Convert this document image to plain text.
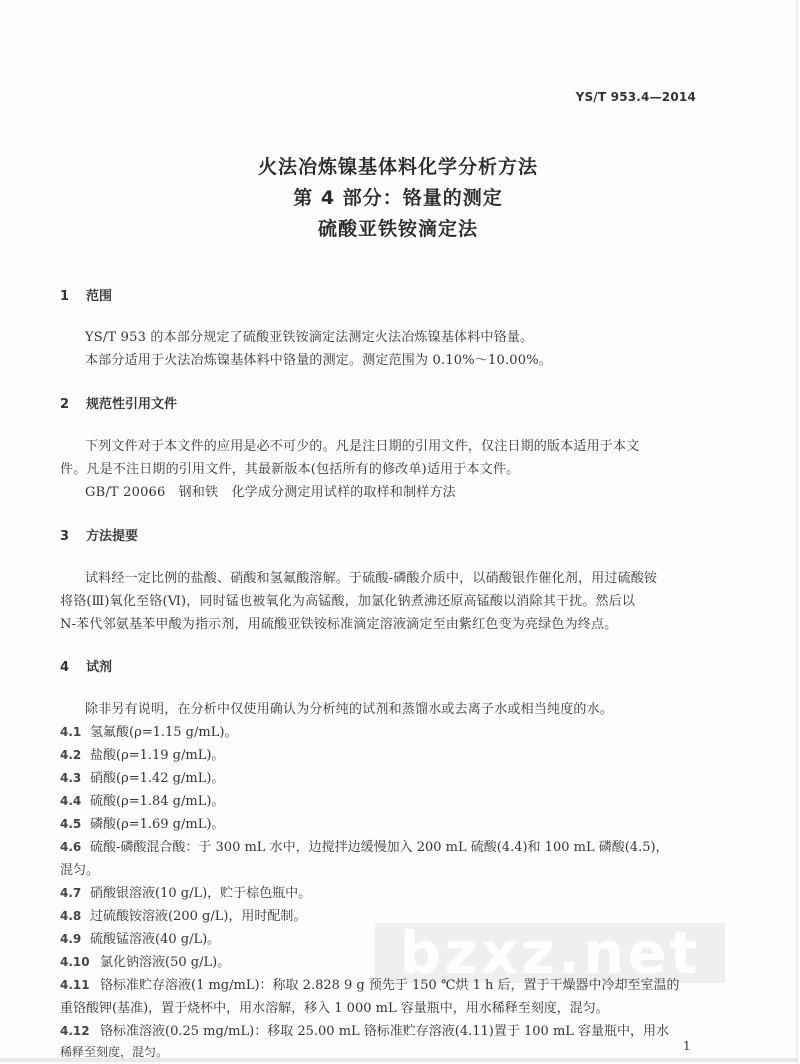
YS/T 953.4—2014
火法冶炼镍基体料化学分析方法
第 4 部分：铬量的测定
硫酸亚铁铵滴定法
1 范围
YS/T 953 的本部分规定了硫酸亚铁铵滴定法测定火法冶炼镍基体料中铬量。
本部分适用于火法冶炼镍基体料中铬量的测定。测定范围为 0.10%～10.00%。
2 规范性引用文件
下列文件对于本文件的应用是必不可少的。凡是注日期的引用文件，仅注日期的版本适用于本文
件。凡是不注日期的引用文件，其最新版本(包括所有的修改单)适用于本文件。
GB/T 20066　钢和铁　化学成分测定用试样的取样和制样方法
3 方法提要
试料经一定比例的盐酸、硝酸和氢氟酸溶解。于硫酸-磷酸介质中，以硝酸银作催化剂，用过硫酸铵
将铬(Ⅲ)氧化至铬(Ⅵ)，同时锰也被氧化为高锰酸，加氯化钠煮沸还原高锰酸以消除其干扰。然后以
N-苯代邻氨基苯甲酸为指示剂，用硫酸亚铁铵标准滴定溶液滴定至由紫红色变为亮绿色为终点。
4 试剂
除非另有说明，在分析中仅使用确认为分析纯的试剂和蒸馏水或去离子水或相当纯度的水。
4.1 氢氟酸(ρ=1.15 g/mL)。
4.2 盐酸(ρ=1.19 g/mL)。
4.3 硝酸(ρ=1.42 g/mL)。
4.4 硫酸(ρ=1.84 g/mL)。
4.5 磷酸(ρ=1.69 g/mL)。
4.6 硫酸-磷酸混合酸：于 300 mL 水中，边搅拌边缓慢加入 200 mL 硫酸(4.4)和 100 mL 磷酸(4.5)，
混匀。
4.7 硝酸银溶液(10 g/L)，贮于棕色瓶中。
4.8 过硫酸铵溶液(200 g/L)，用时配制。
4.9 硫酸锰溶液(40 g/L)。	bzxz.net
4.10 氯化钠溶液(50 g/L)。
4.11 铬标准贮存溶液(1 mg/mL)：称取 2.828 9 g 预先于 150 ℃烘 1 h 后，置于干燥器中冷却至室温的
重铬酸钾(基准)，置于烧杯中，用水溶解，移入 1 000 mL 容量瓶中，用水稀释至刻度，混匀。
4.12 铬标准溶液(0.25 mg/mL)：移取 25.00 mL 铬标准贮存溶液(4.11)置于 100 mL 容量瓶中，用水
稀释至刻度，混匀。	1
